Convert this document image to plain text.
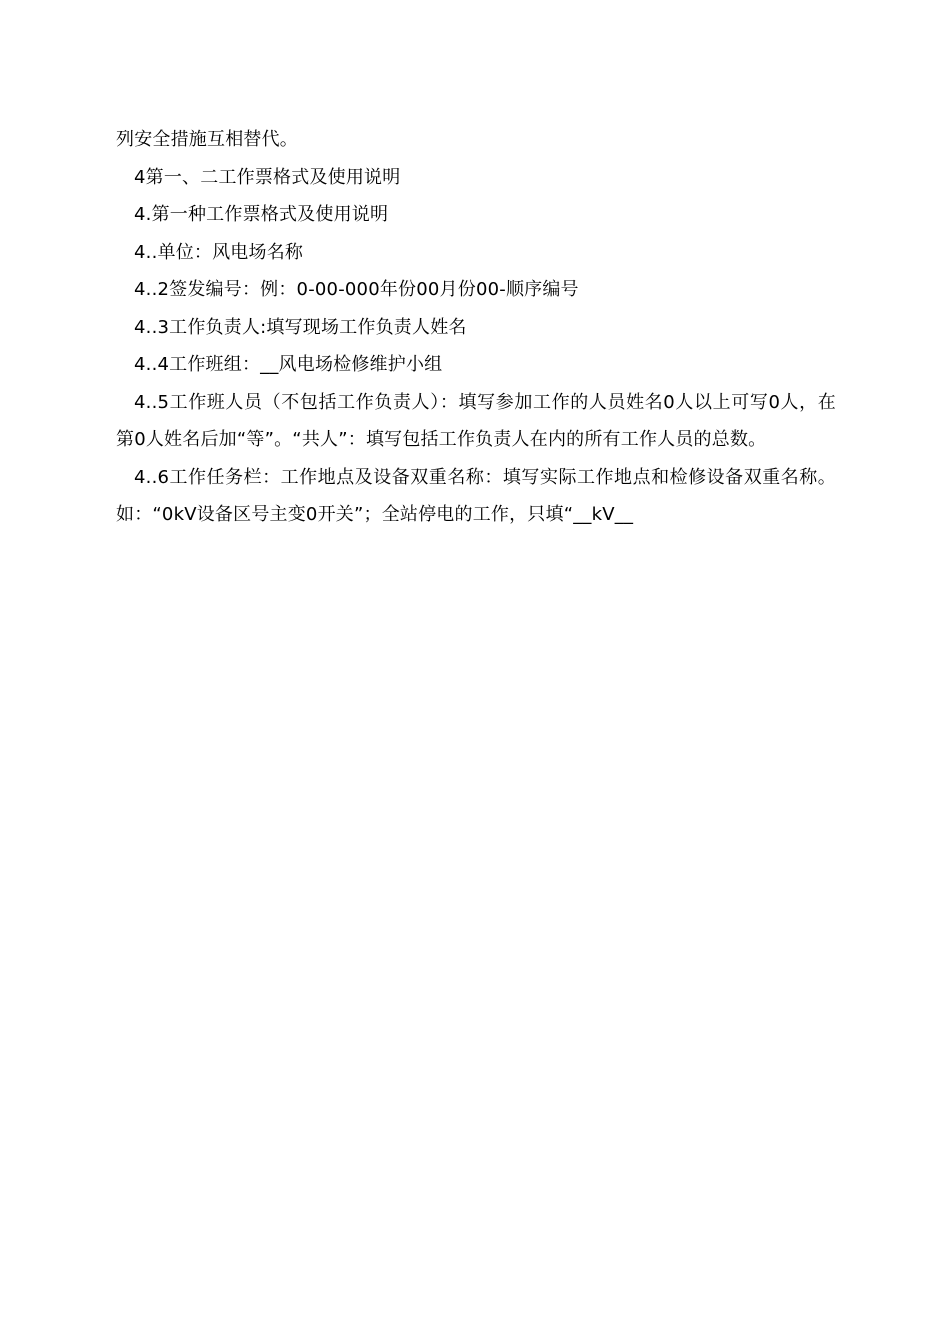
列安全措施互相替代。

4第一、二工作票格式及使用说明

4.第一种工作票格式及使用说明

4..单位：风电场名称

4..2签发编号：例：0-00-000年份00月份00-顺序编号

4..3工作负责人:填写现场工作负责人姓名

4..4工作班组：__风电场检修维护小组

4..5工作班人员（不包括工作负责人）：填写参加工作的人员姓名0人以上可写0人，在第0人姓名后加“等”。“共人”：填写包括工作负责人在内的所有工作人员的总数。

4..6工作任务栏：工作地点及设备双重名称：填写实际工作地点和检修设备双重名称。如：“0kV设备区号主变0开关”；全站停电的工作，只填“__kV__
